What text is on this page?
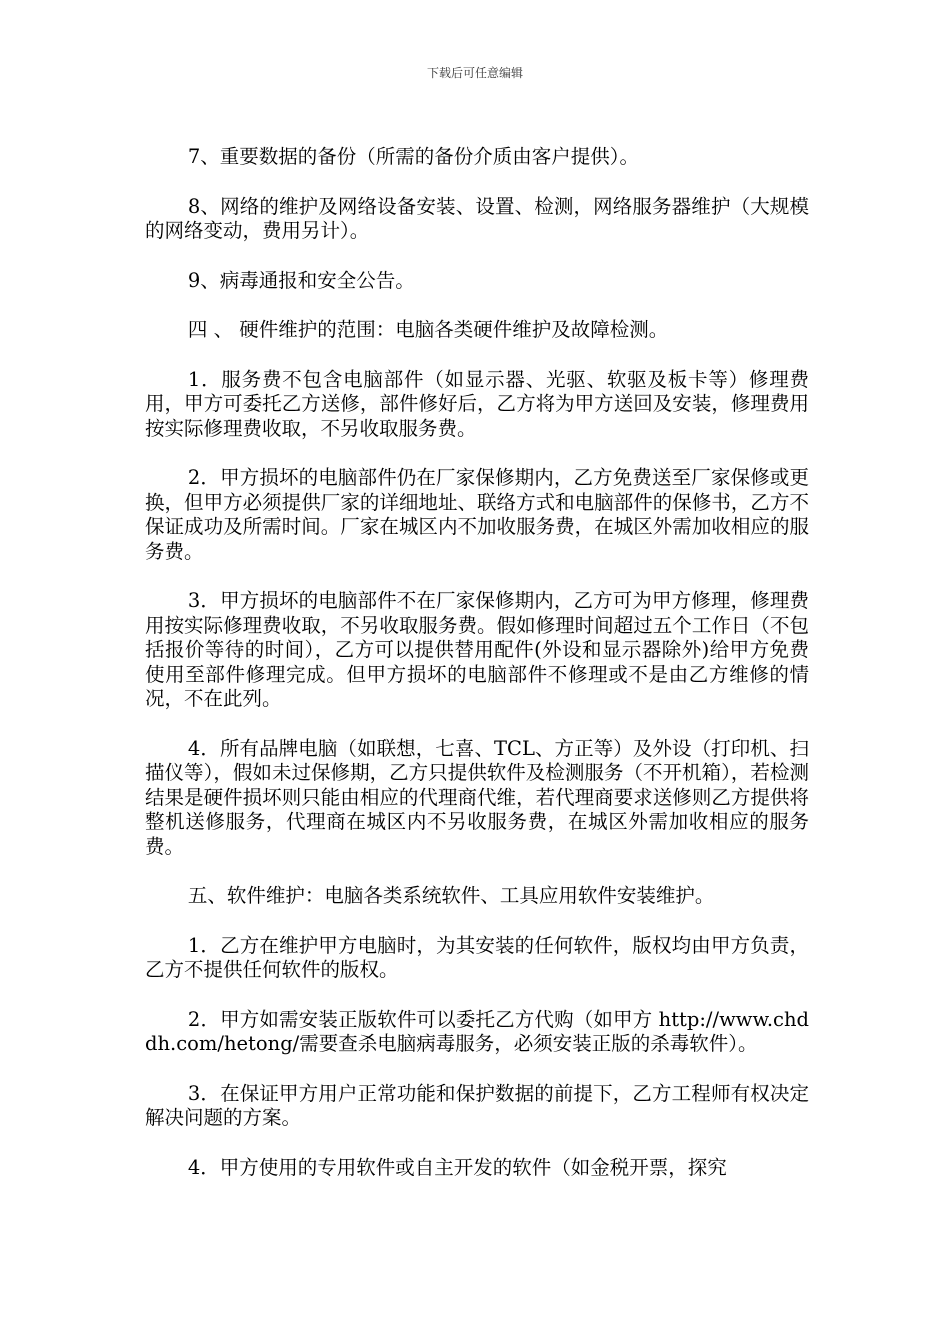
下载后可任意编辑

7、重要数据的备份（所需的备份介质由客户提供）。

8、网络的维护及网络设备安装、设置、检测，网络服务器维护（大规模的网络变动，费用另计）。

9、病毒通报和安全公告。

四 、 硬件维护的范围：电脑各类硬件维护及故障检测。

1．服务费不包含电脑部件（如显示器、光驱、软驱及板卡等）修理费用，甲方可委托乙方送修，部件修好后，乙方将为甲方送回及安装，修理费用按实际修理费收取，不另收取服务费。

2．甲方损坏的电脑部件仍在厂家保修期内，乙方免费送至厂家保修或更换，但甲方必须提供厂家的详细地址、联络方式和电脑部件的保修书，乙方不保证成功及所需时间。厂家在城区内不加收服务费，在城区外需加收相应的服务费。

3．甲方损坏的电脑部件不在厂家保修期内，乙方可为甲方修理，修理费用按实际修理费收取，不另收取服务费。假如修理时间超过五个工作日（不包括报价等待的时间），乙方可以提供替用配件(外设和显示器除外)给甲方免费使用至部件修理完成。但甲方损坏的电脑部件不修理或不是由乙方维修的情况，不在此列。

4．所有品牌电脑（如联想，七喜、TCL、方正等）及外设（打印机、扫描仪等），假如未过保修期，乙方只提供软件及检测服务（不开机箱），若检测结果是硬件损坏则只能由相应的代理商代维，若代理商要求送修则乙方提供将整机送修服务，代理商在城区内不另收服务费，在城区外需加收相应的服务费。

五、软件维护：电脑各类系统软件、工具应用软件安装维护。

1．乙方在维护甲方电脑时，为其安装的任何软件，版权均由甲方负责，乙方不提供任何软件的版权。

2．甲方如需安装正版软件可以委托乙方代购（如甲方 http://www.chddh.com/hetong/需要查杀电脑病毒服务，必须安装正版的杀毒软件）。

3．在保证甲方用户正常功能和保护数据的前提下，乙方工程师有权决定解决问题的方案。

4．甲方使用的专用软件或自主开发的软件（如金税开票，探究
